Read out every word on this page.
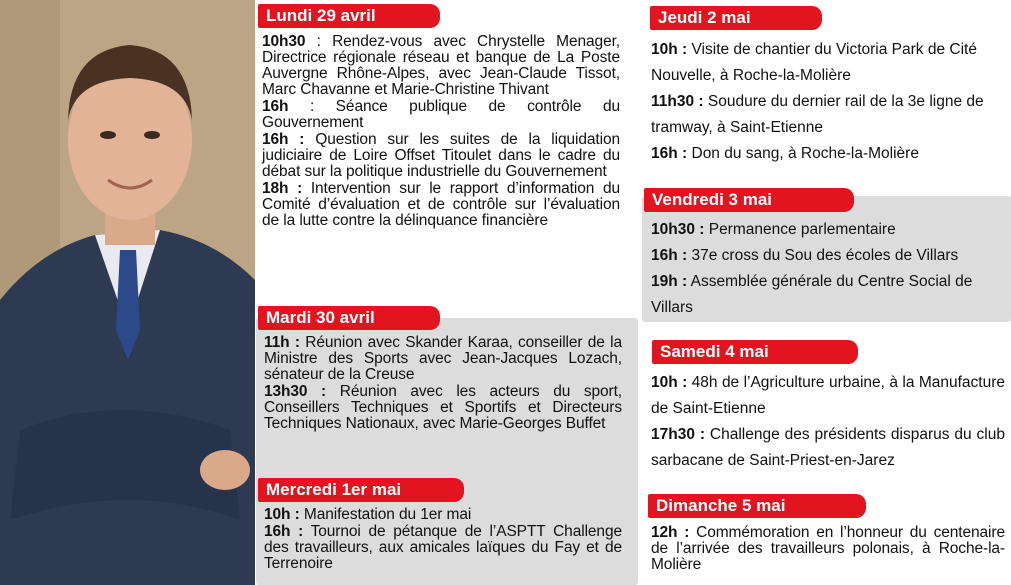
Lundi 29 avril

10h30 : Rendez-vous avec Chrystelle Menager, Directrice régionale réseau et banque de La Poste Auvergne Rhône-Alpes, avec Jean-Claude Tissot, Marc Chavanne et Marie-Christine Thivant

16h : Séance publique de contrôle du Gouvernement

16h : Question sur les suites de la liquidation judiciaire de Loire Offset Titoulet dans le cadre du débat sur la politique industrielle du Gouvernement

18h : Intervention sur le rapport d’information du Comité d’évaluation et de contrôle sur l’évaluation de la lutte contre la délinquance financière

Mardi 30 avril

11h : Réunion avec Skander Karaa, conseiller de la Ministre des Sports avec Jean-Jacques Lozach, sénateur de la Creuse

13h30 : Réunion avec les acteurs du sport, Conseillers Techniques et Sportifs et Directeurs Techniques Nationaux, avec Marie-Georges Buffet

Mercredi 1er mai

10h : Manifestation du 1er mai

16h : Tournoi de pétanque de l’ASPTT Challenge des travailleurs, aux amicales laïques du Fay et de Terrenoire

Jeudi 2 mai

10h : Visite de chantier du Victoria Park de Cité Nouvelle, à Roche-la-Molière

11h30 : Soudure du dernier rail de la 3e ligne de tramway, à Saint-Etienne

16h : Don du sang, à Roche-la-Molière

Vendredi 3 mai

10h30 : Permanence parlementaire

16h : 37e cross du Sou des écoles de Villars

19h : Assemblée générale du Centre Social de Villars

Samedi 4 mai

10h : 48h de l’Agriculture urbaine, à la Manufacture de Saint-Etienne

17h30 : Challenge des présidents disparus du club sarbacane de Saint-Priest-en-Jarez

Dimanche 5 mai

12h : Commémoration en l’honneur du centenaire de l’arrivée des travailleurs polonais, à Roche-la-Molière
